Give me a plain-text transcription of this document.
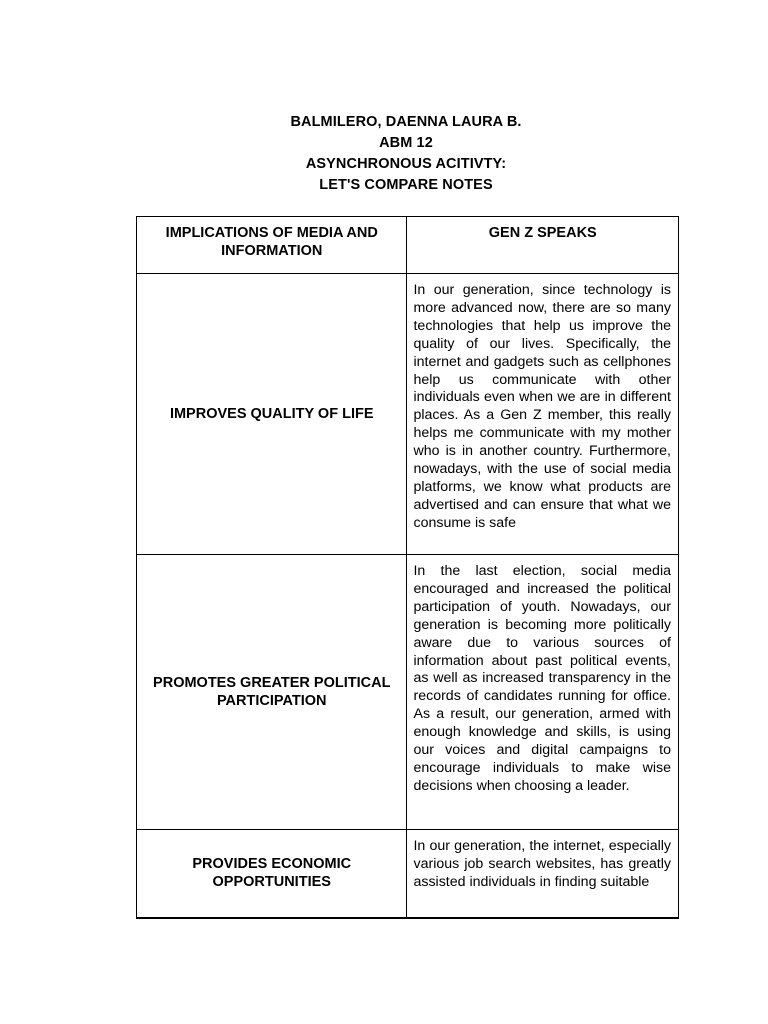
BALMILERO, DAENNA LAURA B.
ABM 12
ASYNCHRONOUS ACITIVTY:
LET'S COMPARE NOTES
IMPLICATIONS OF MEDIA AND INFORMATION	GEN Z SPEAKS

IMPROVES QUALITY OF LIFE	In our generation, since technology is more advanced now, there are so many technologies that help us improve the quality of our lives. Specifically, the internet and gadgets such as cellphones help us communicate with other individuals even when we are in different places. As a Gen Z member, this really helps me communicate with my mother who is in another country. Furthermore, nowadays, with the use of social media platforms, we know what products are advertised and can ensure that what we consume is safe

PROMOTES GREATER POLITICAL PARTICIPATION	In the last election, social media encouraged and increased the political participation of youth. Nowadays, our generation is becoming more politically aware due to various sources of information about past political events, as well as increased transparency in the records of candidates running for office. As a result, our generation, armed with enough knowledge and skills, is using our voices and digital campaigns to encourage individuals to make wise decisions when choosing a leader.

PROVIDES ECONOMIC OPPORTUNITIES	In our generation, the internet, especially various job search websites, has greatly assisted individuals in finding suitable
